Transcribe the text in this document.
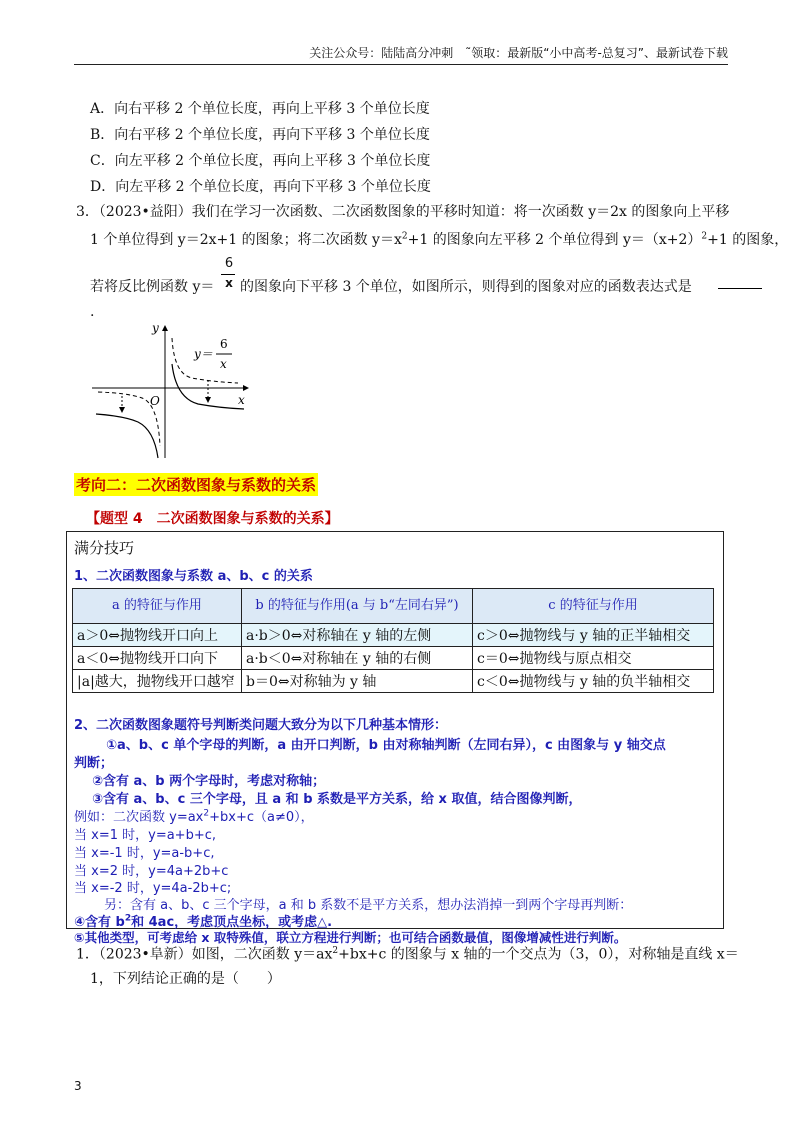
关注公众号：陆陆高分冲刺　˜领取：最新版“小中高考-总复习”、最新试卷下载
A．向右平移 2 个单位长度，再向上平移 3 个单位长度
B．向右平移 2 个单位长度，再向下平移 3 个单位长度
C．向左平移 2 个单位长度，再向上平移 3 个单位长度
D．向左平移 2 个单位长度，再向下平移 3 个单位长度
3．（2023•益阳）我们在学习一次函数、二次函数图象的平移时知道：将一次函数 y＝2x 的图象向上平移
1 个单位得到 y＝2x+1 的图象；将二次函数 $y=x^2+1$ 的图象向左平移 2 个单位得到 $y=(x+2)^2+1$ 的图象，
若将反比例函数 y＝
6
x 的图象向下平移 3 个单位，如图所示，则得到的图象对应的函数表达式是
.
y
x
O
y＝
6
x
考向二：二次函数图象与系数的关系
【题型 4　二次函数图象与系数的关系】
满分技巧
1、二次函数图象与系数 a、b、c 的关系
a 的特征与作用	b 的特征与作用(a 与 b“左同右异”)	c 的特征与作用
a＞0⇔抛物线开口向上	a·b＞0⇔对称轴在 y 轴的左侧	c＞0⇔抛物线与 y 轴的正半轴相交
a＜0⇔抛物线开口向下	a·b＜0⇔对称轴在 y 轴的右侧	c＝0⇔抛物线与原点相交
|a|越大，抛物线开口越窄	b＝0⇔对称轴为 y 轴	c＜0⇔抛物线与 y 轴的负半轴相交
2、二次函数图象题符号判断类问题大致分为以下几种基本情形：
①a、b、c 单个字母的判断，a 由开口判断，b 由对称轴判断（左同右异），c 由图象与 y 轴交点
判断；
②含有 a、b 两个字母时，考虑对称轴；
③含有 a、b、c 三个字母，且 a 和 b 系数是平方关系，给 x 取值，结合图像判断，
例如：二次函数 $y=ax^2+bx+c(a\ne 0)$，
当 x=1 时，y=a+b+c,
当 x=-1 时，y=a-b+c,
当 x=2 时，y=4a+2b+c
当 x=-2 时，y=4a-2b+c;
另：含有 a、b、c 三个字母，a 和 b 系数不是平方关系，想办法消掉一到两个字母再判断：
④含有 $b^2$和 4ac，考虑顶点坐标，或考虑△.
⑤其他类型，可考虑给 x 取特殊值，联立方程进行判断；也可结合函数最值，图像增减性进行判断。
1．（2023•阜新）如图，二次函数 $y=ax^2+bx+c$ 的图象与 x 轴的一个交点为（3，0），对称轴是直线 x＝
1，下列结论正确的是（　　）
3
